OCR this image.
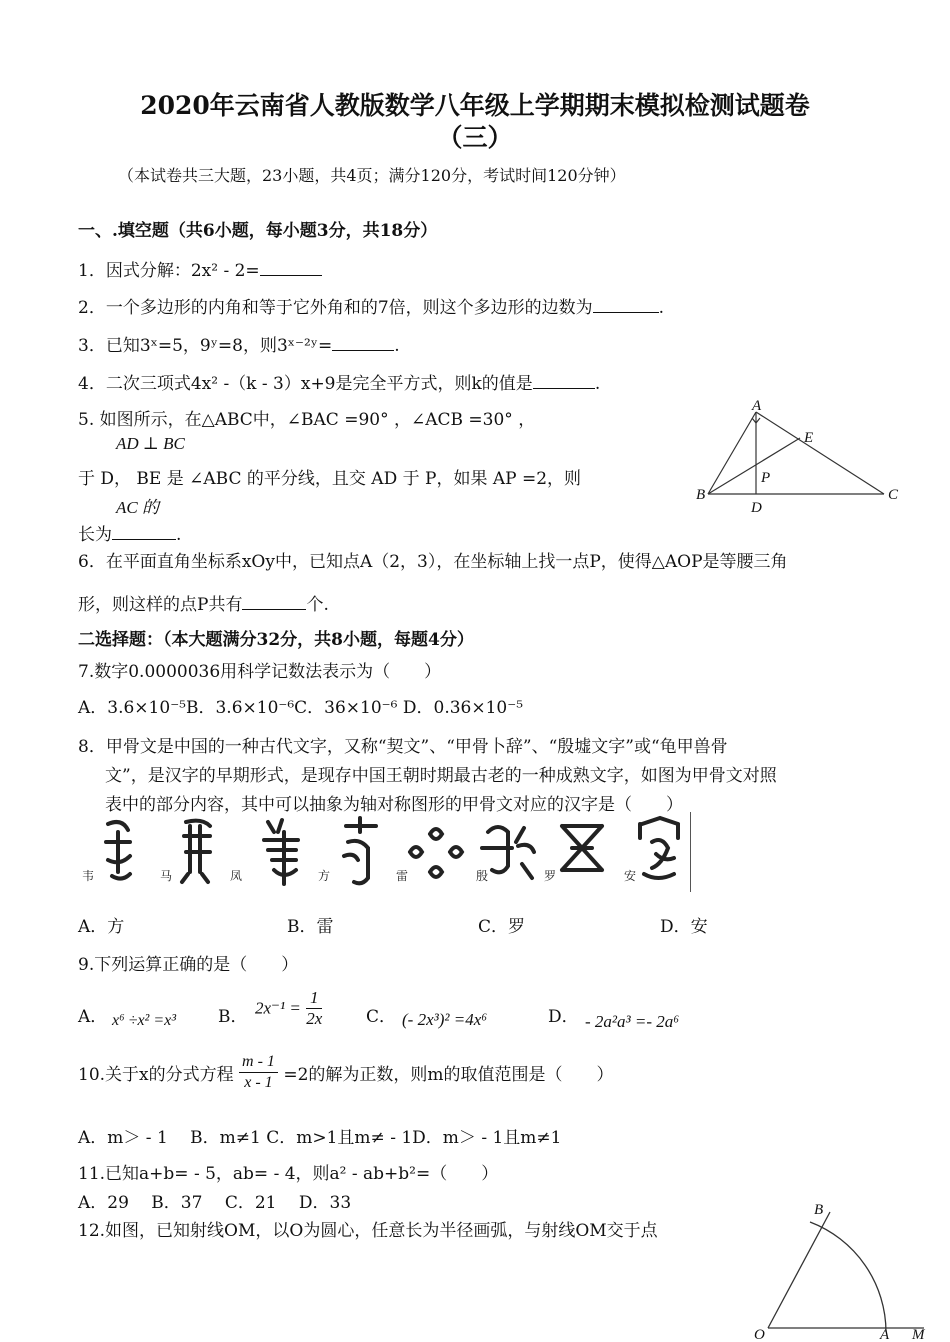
2020年云南省人教版数学八年级上学期期末模拟检测试题卷
（三）
（本试卷共三大题，23小题，共4页；满分120分，考试时间120分钟）
一、.填空题（共6小题，每小题3分，共18分）
1．因式分解：2x² - 2=
2．一个多边形的内角和等于它外角和的7倍，则这个多边形的边数为	.
3．已知3ˣ=5，9ʸ=8，则3ˣ⁻²ʸ=	.
4．二次三项式4x² -（k - 3）x+9是完全平方式，则k的值是	.
5. 如图所示，在△ABC中，∠BAC =90° ，∠ACB =30° ，
AD ⊥ BC
于 D， BE 是 ∠ABC 的平分线，且交 AD 于 P，如果 AP =2，则
AC 的
长为	.
A
B	C
D
E
P
6．在平面直角坐标系xOy中，已知点A（2，3），在坐标轴上找一点P，使得△AOP是等腰三角
形，则这样的点P共有	个.
二选择题：（本大题满分32分，共8小题，每题4分）
7.数字0.0000036用科学记数法表示为（　　）
A．3.6×10⁻⁵B．3.6×10⁻⁶C．36×10⁻⁶ D．0.36×10⁻⁵
8．甲骨文是中国的一种古代文字，又称“契文”、“甲骨卜辞”、“殷墟文字”或“龟甲兽骨
文”，是汉字的早期形式，是现存中国王朝时期最古老的一种成熟文字，如图为甲骨文对照
表中的部分内容，其中可以抽象为轴对称图形的甲骨文对应的汉字是（　　）
韦	马	凤	方	雷	殷	罗	安
A．方	B．雷	C．罗	D．安
9.下列运算正确的是（　　）
A． x⁶ ÷x² =x³ B． $2x^{-1} = \frac{1}{2x}$	C． (- 2x³)² =4x⁶	D． - 2a²a³ =- 2a⁶
10.关于x的分式方程 $\frac{m - 1}{x - 1} =2$的解为正数，则m的取值范围是（　　）
A．m＞ - 1　 B．m≠1 C．m>1且m≠ - 1D．m＞ - 1且m≠1
11.已知a+b= - 5，ab= - 4，则a² - ab+b²=（　　）
A．29　 B．37　 C．21　 D．33
12.如图，已知射线OM，以O为圆心，任意长为半径画弧，与射线OM交于点
B
O	A M
